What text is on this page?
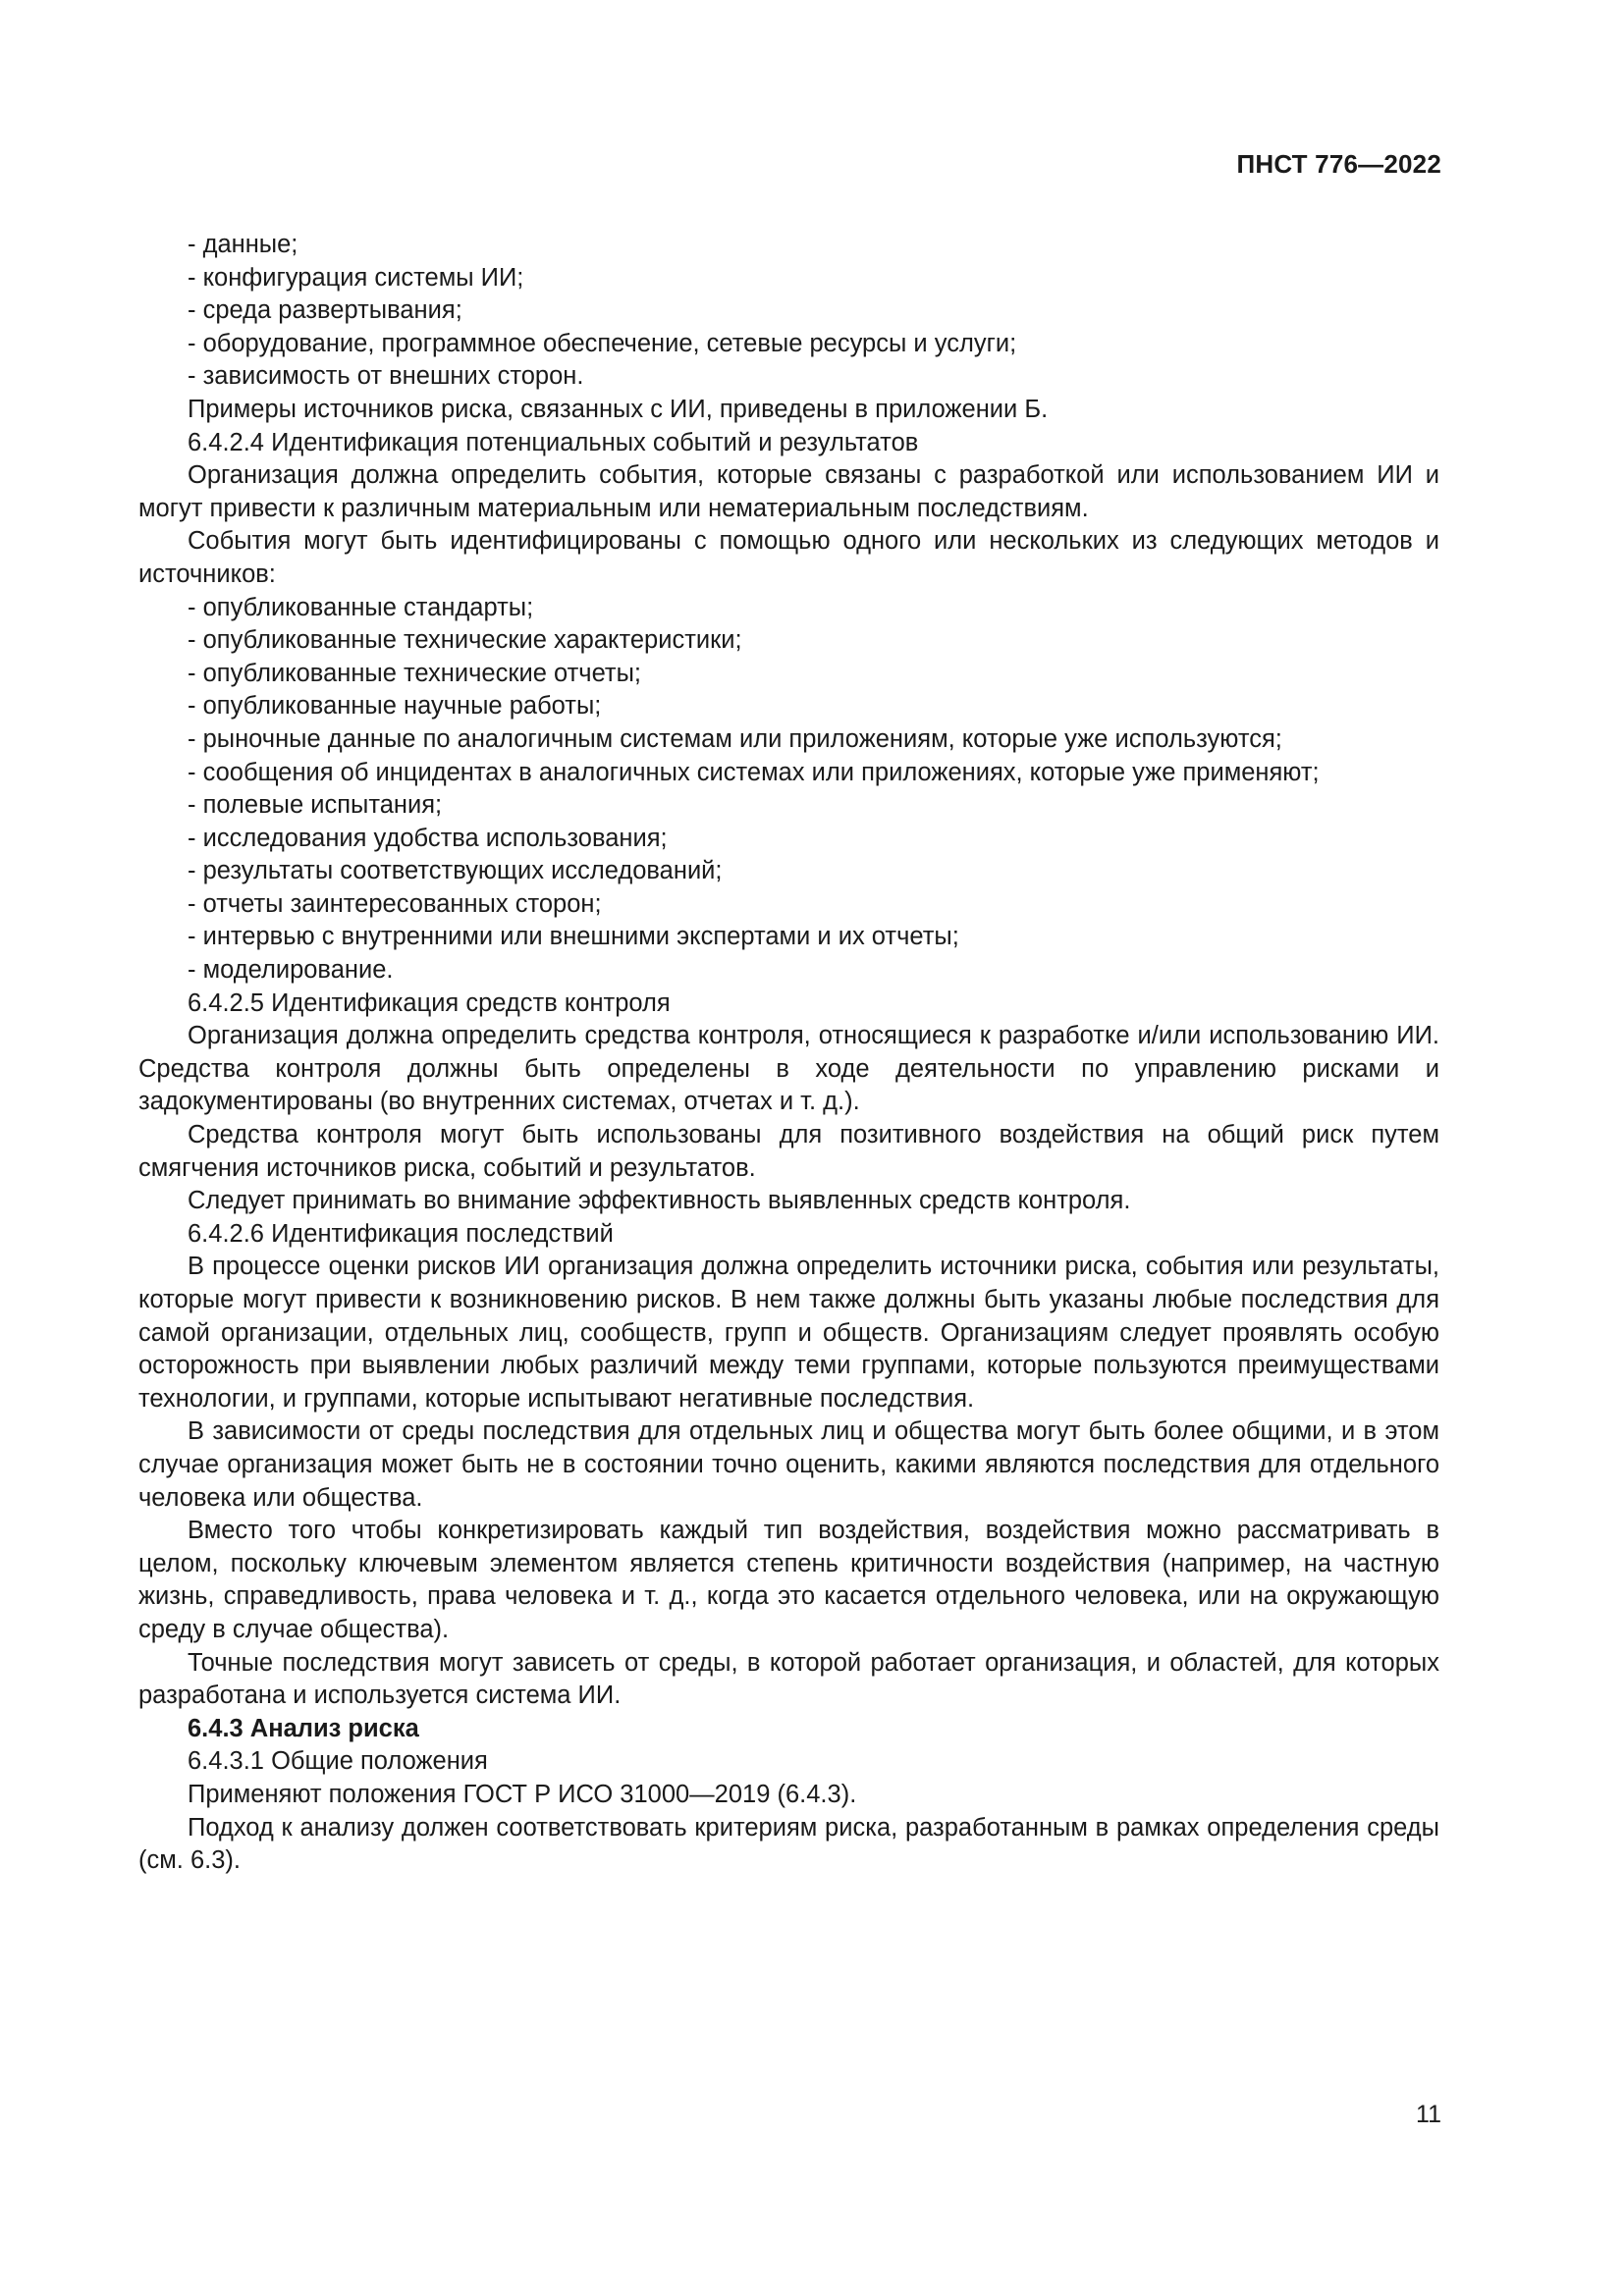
ПНСТ 776—2022

- данные;

- конфигурация системы ИИ;

- среда развертывания;

- оборудование, программное обеспечение, сетевые ресурсы и услуги;

- зависимость от внешних сторон.

Примеры источников риска, связанных с ИИ, приведены в приложении Б.

6.4.2.4 Идентификация потенциальных событий и результатов

Организация должна определить события, которые связаны с разработкой или использованием ИИ и могут привести к различным материальным или нематериальным последствиям.

События могут быть идентифицированы с помощью одного или нескольких из следующих методов и источников:

- опубликованные стандарты;

- опубликованные технические характеристики;

- опубликованные технические отчеты;

- опубликованные научные работы;

- рыночные данные по аналогичным системам или приложениям, которые уже используются;

- сообщения об инцидентах в аналогичных системах или приложениях, которые уже применяют;

- полевые испытания;

- исследования удобства использования;

- результаты соответствующих исследований;

- отчеты заинтересованных сторон;

- интервью с внутренними или внешними экспертами и их отчеты;

- моделирование.

6.4.2.5 Идентификация средств контроля

Организация должна определить средства контроля, относящиеся к разработке и/или использованию ИИ. Средства контроля должны быть определены в ходе деятельности по управлению рисками и задокументированы (во внутренних системах, отчетах и т. д.).

Средства контроля могут быть использованы для позитивного воздействия на общий риск путем смягчения источников риска, событий и результатов.

Следует принимать во внимание эффективность выявленных средств контроля.

6.4.2.6 Идентификация последствий

В процессе оценки рисков ИИ организация должна определить источники риска, события или результаты, которые могут привести к возникновению рисков. В нем также должны быть указаны любые последствия для самой организации, отдельных лиц, сообществ, групп и обществ. Организациям следует проявлять особую осторожность при выявлении любых различий между теми группами, которые пользуются преимуществами технологии, и группами, которые испытывают негативные последствия.

В зависимости от среды последствия для отдельных лиц и общества могут быть более общими, и в этом случае организация может быть не в состоянии точно оценить, какими являются последствия для отдельного человека или общества.

Вместо того чтобы конкретизировать каждый тип воздействия, воздействия можно рассматривать в целом, поскольку ключевым элементом является степень критичности воздействия (например, на частную жизнь, справедливость, права человека и т. д., когда это касается отдельного человека, или на окружающую среду в случае общества).

Точные последствия могут зависеть от среды, в которой работает организация, и областей, для которых разработана и используется система ИИ.

6.4.3 Анализ риска

6.4.3.1 Общие положения

Применяют положения ГОСТ Р ИСО 31000—2019 (6.4.3).

Подход к анализу должен соответствовать критериям риска, разработанным в рамках определения среды (см. 6.3).

11
